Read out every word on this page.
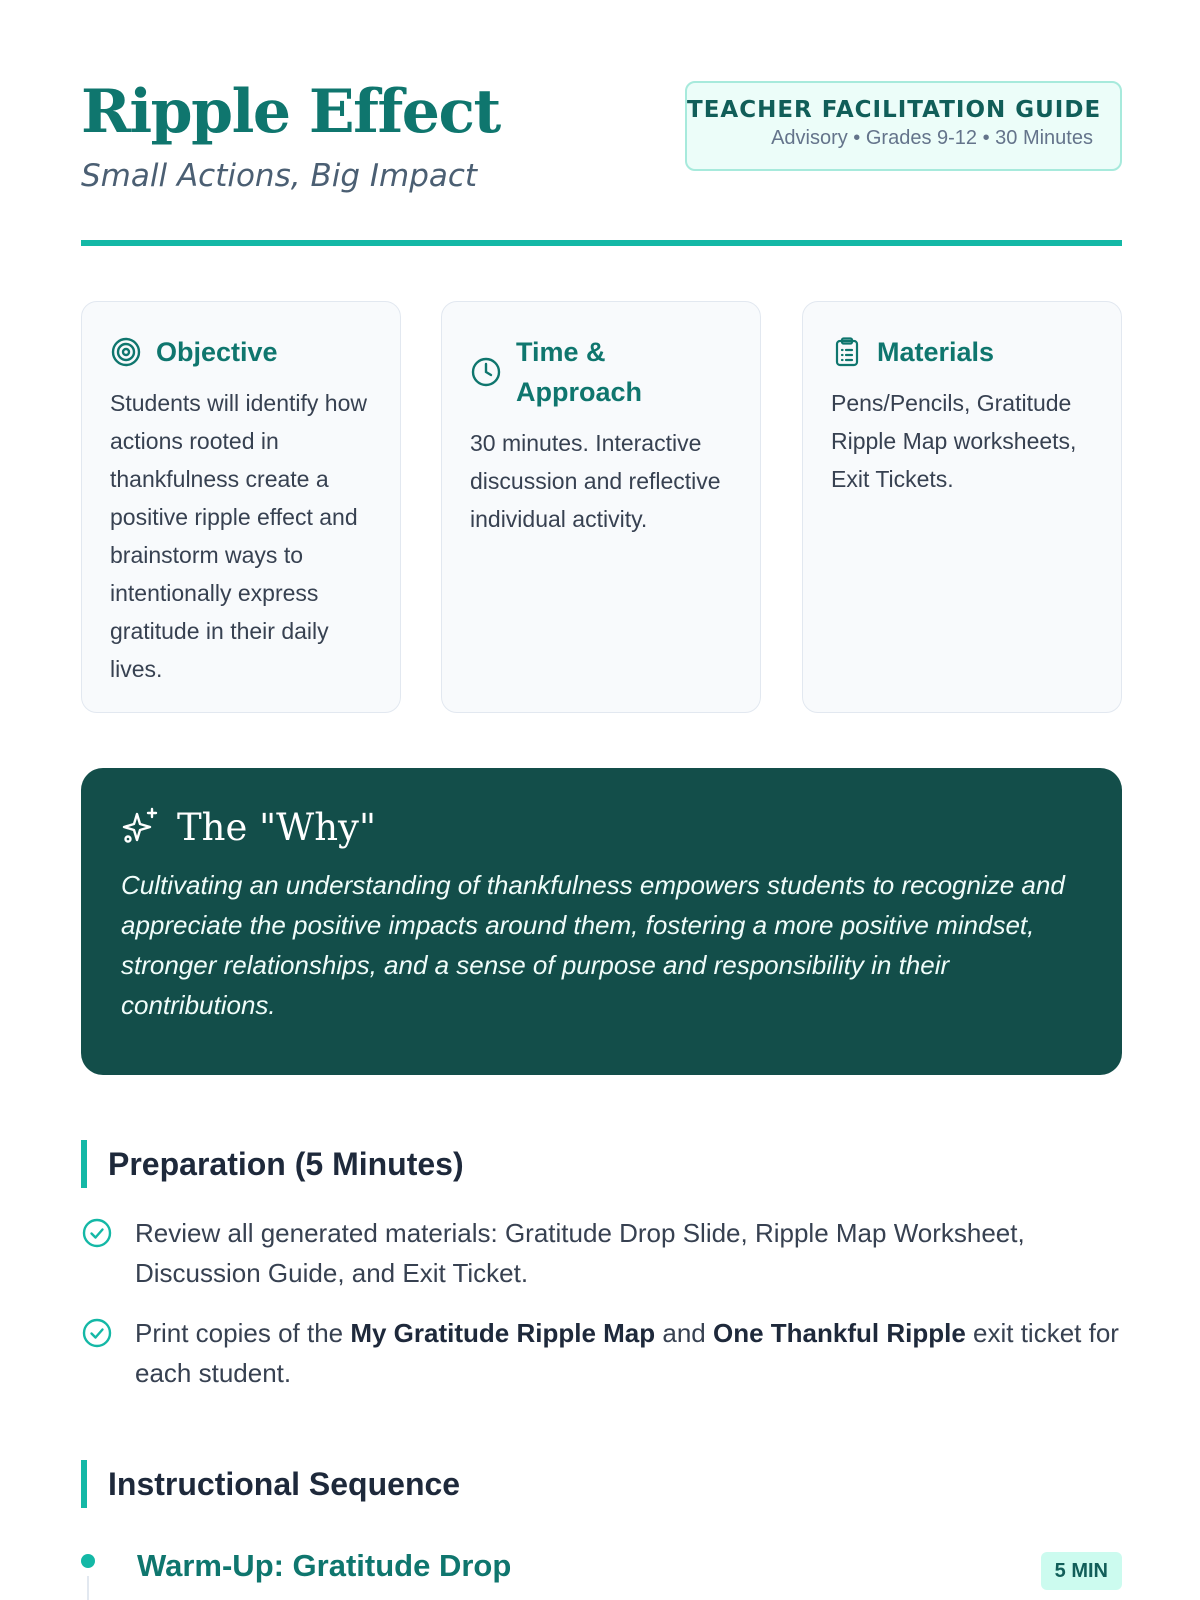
Ripple Effect
Small Actions, Big Impact
TEACHER FACILITATION GUIDE
Advisory • Grades 9-12 • 30 Minutes
Objective

Students will identify how actions rooted in thankfulness create a positive ripple effect and brainstorm ways to intentionally express gratitude in their daily lives.

Time & Approach

30 minutes. Interactive discussion and reflective individual activity.

Materials

Pens/Pencils, Gratitude Ripple Map worksheets, Exit Tickets.

The "Why"

Cultivating an understanding of thankfulness empowers students to recognize and appreciate the positive impacts around them, fostering a more positive mindset, stronger relationships, and a sense of purpose and responsibility in their contributions.

Preparation (5 Minutes)
Review all generated materials: Gratitude Drop Slide, Ripple Map Worksheet, Discussion Guide, and Exit Ticket.
Print copies of the My Gratitude Ripple Map and One Thankful Ripple exit ticket for each student.
Instructional Sequence
Warm-Up: Gratitude Drop	5 MIN
